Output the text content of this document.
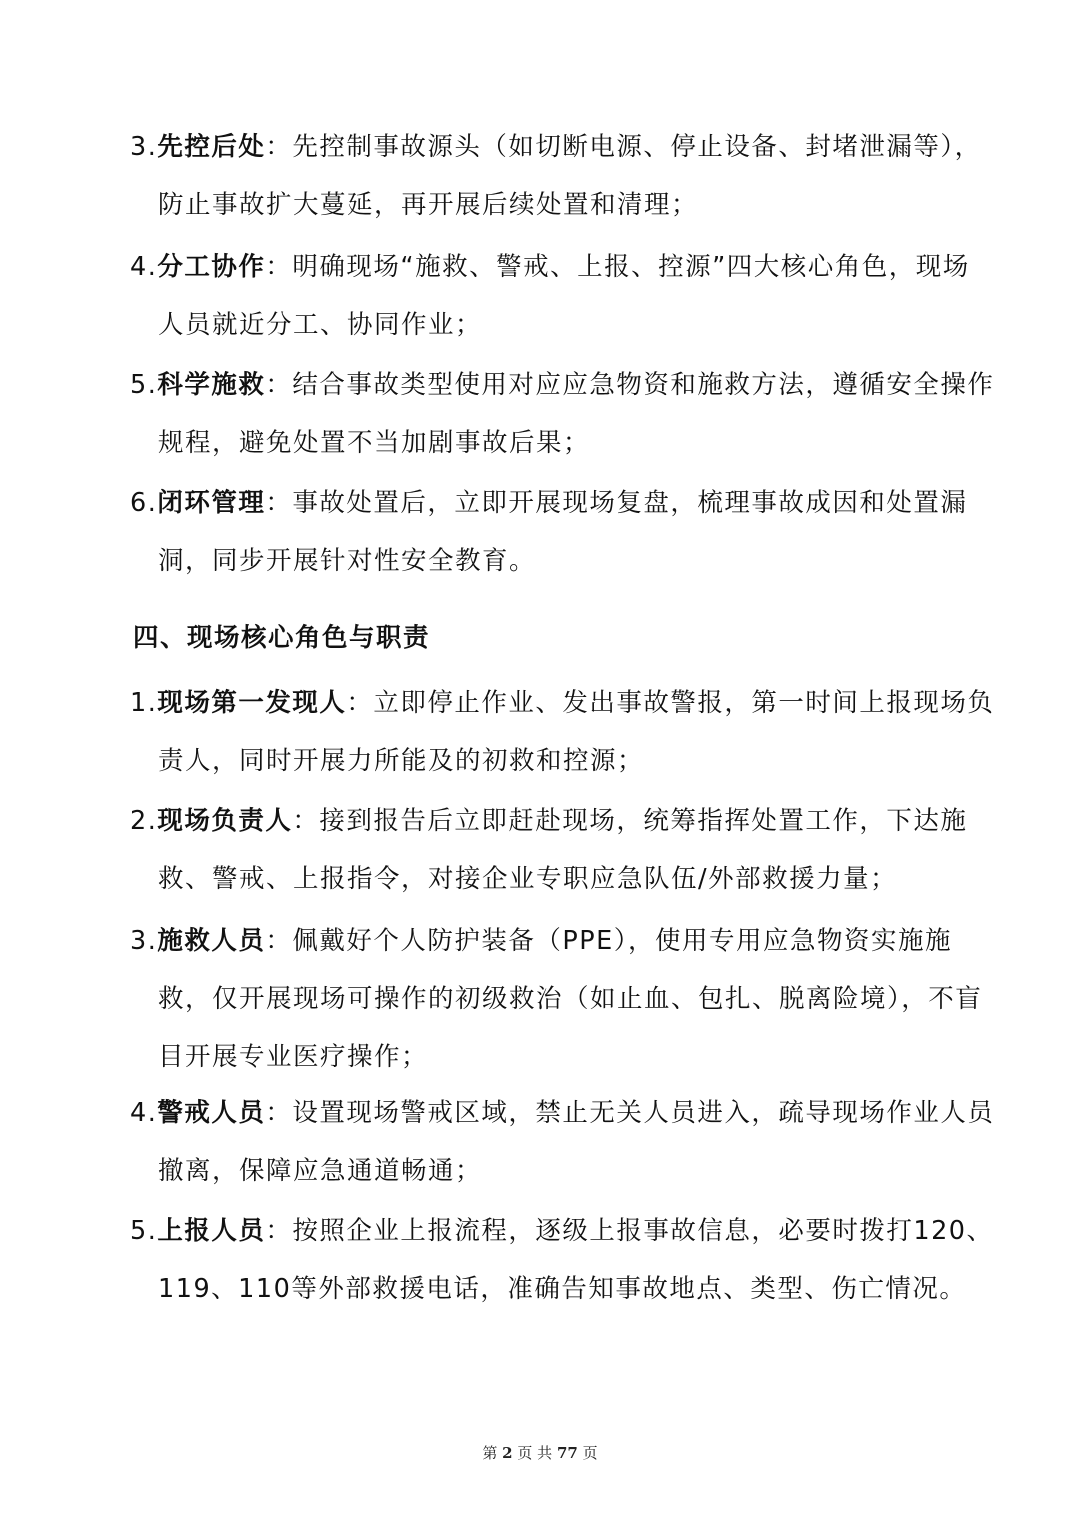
3.先控后处：先控制事故源头（如切断电源、停止设备、封堵泄漏等），
防止事故扩大蔓延，再开展后续处置和清理；
4.分工协作：明确现场“施救、警戒、上报、控源”四大核心角色，现场
人员就近分工、协同作业；
5.科学施救：结合事故类型使用对应应急物资和施救方法，遵循安全操作
规程，避免处置不当加剧事故后果；
6.闭环管理：事故处置后，立即开展现场复盘，梳理事故成因和处置漏
洞，同步开展针对性安全教育。
四、现场核心角色与职责
1.现场第一发现人：立即停止作业、发出事故警报，第一时间上报现场负
责人，同时开展力所能及的初救和控源；
2.现场负责人：接到报告后立即赶赴现场，统筹指挥处置工作，下达施
救、警戒、上报指令，对接企业专职应急队伍/外部救援力量；
3.施救人员：佩戴好个人防护装备（PPE），使用专用应急物资实施施
救，仅开展现场可操作的初级救治（如止血、包扎、脱离险境），不盲
目开展专业医疗操作；
4.警戒人员：设置现场警戒区域，禁止无关人员进入，疏导现场作业人员
撤离，保障应急通道畅通；
5.上报人员：按照企业上报流程，逐级上报事故信息，必要时拨打120、
119、110等外部救援电话，准确告知事故地点、类型、伤亡情况。
第 2 页 共 77 页
